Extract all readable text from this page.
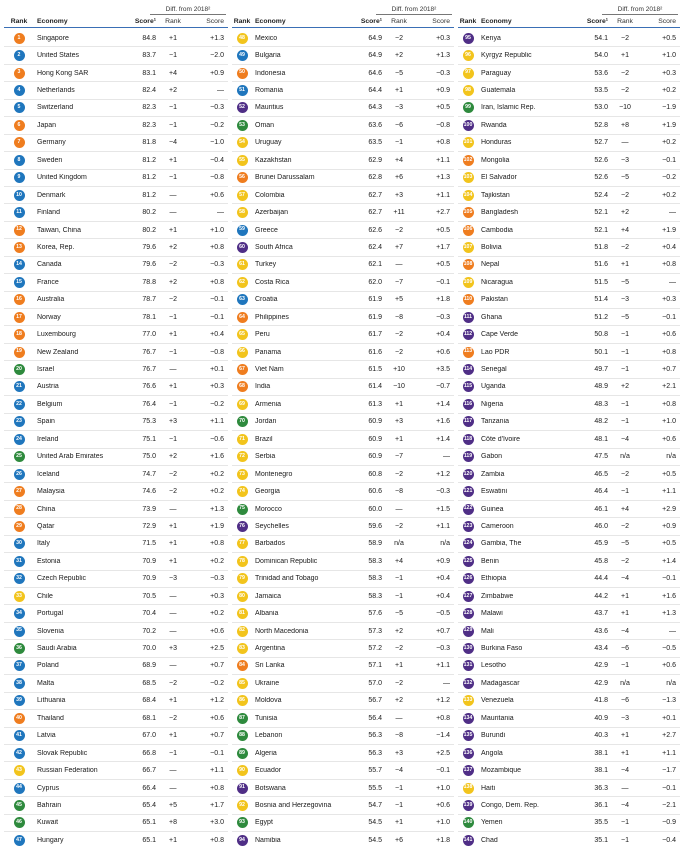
Diff. from 2018²
Rank	Economy	Score¹	Rank	Score
1	Singapore	84.8	+1	+1.3
2	United States	83.7	−1	−2.0
3	Hong Kong SAR	83.1	+4	+0.9
4	Netherlands	82.4	+2	—
5	Switzerland	82.3	−1	−0.3
6	Japan	82.3	−1	−0.2
7	Germany	81.8	−4	−1.0
8	Sweden	81.2	+1	−0.4
9	United Kingdom	81.2	−1	−0.8
10	Denmark	81.2	—	+0.6
11	Finland	80.2	—	—
12	Taiwan, China	80.2	+1	+1.0
13	Korea, Rep.	79.6	+2	+0.8
14	Canada	79.6	−2	−0.3
15	France	78.8	+2	+0.8
16	Australia	78.7	−2	−0.1
17	Norway	78.1	−1	−0.1
18	Luxembourg	77.0	+1	+0.4
19	New Zealand	76.7	−1	−0.8
20	Israel	76.7	—	+0.1
21	Austria	76.6	+1	+0.3
22	Belgium	76.4	−1	−0.2
23	Spain	75.3	+3	+1.1
24	Ireland	75.1	−1	−0.6
25	United Arab Emirates	75.0	+2	+1.6
26	Iceland	74.7	−2	+0.2
27	Malaysia	74.6	−2	+0.2
28	China	73.9	—	+1.3
29	Qatar	72.9	+1	+1.9
30	Italy	71.5	+1	+0.8
31	Estonia	70.9	+1	+0.2
32	Czech Republic	70.9	−3	−0.3
33	Chile	70.5	—	+0.3
34	Portugal	70.4	—	+0.2
35	Slovenia	70.2	—	+0.6
36	Saudi Arabia	70.0	+3	+2.5
37	Poland	68.9	—	+0.7
38	Malta	68.5	−2	−0.2
39	Lithuania	68.4	+1	+1.2
40	Thailand	68.1	−2	+0.6
41	Latvia	67.0	+1	+0.7
42	Slovak Republic	66.8	−1	−0.1
43	Russian Federation	66.7	—	+1.1
44	Cyprus	66.4	—	+0.8
45	Bahrain	65.4	+5	+1.7
46	Kuwait	65.1	+8	+3.0
47	Hungary	65.1	+1	+0.8
Diff. from 2018²
Rank Economy	Score¹	Rank	Score
48	Mexico	64.9	−2	+0.3
49	Bulgaria	64.9	+2	+1.3
50	Indonesia	64.6	−5	−0.3
51	Romania	64.4	+1	+0.9
52	Mauritius	64.3	−3	+0.5
53	Oman	63.6	−6	−0.8
54	Uruguay	63.5	−1	+0.8
55	Kazakhstan	62.9	+4	+1.1
56	Brunei Darussalam	62.8	+6	+1.3
57	Colombia	62.7	+3	+1.1
58	Azerbaijan	62.7	+11	+2.7
59	Greece	62.6	−2	+0.5
60	South Africa	62.4	+7	+1.7
61	Turkey	62.1	—	+0.5
62	Costa Rica	62.0	−7	−0.1
63	Croatia	61.9	+5	+1.8
64	Philippines	61.9	−8	−0.3
65	Peru	61.7	−2	+0.4
66	Panama	61.6	−2	+0.6
67	Viet Nam	61.5	+10	+3.5
68	India	61.4	−10	−0.7
69	Armenia	61.3	+1	+1.4
70	Jordan	60.9	+3	+1.6
71	Brazil	60.9	+1	+1.4
72	Serbia	60.9	−7	—
73	Montenegro	60.8	−2	+1.2
74	Georgia	60.6	−8	−0.3
75	Morocco	60.0	—	+1.5
76	Seychelles	59.6	−2	+1.1
77	Barbados	58.9	n/a	n/a
78	Dominican Republic	58.3	+4	+0.9
79	Trinidad and Tobago	58.3	−1	+0.4
80	Jamaica	58.3	−1	+0.4
81	Albania	57.6	−5	−0.5
82	North Macedonia	57.3	+2	+0.7
83	Argentina	57.2	−2	−0.3
84	Sri Lanka	57.1	+1	+1.1
85	Ukraine	57.0	−2	—
86	Moldova	56.7	+2	+1.2
87	Tunisia	56.4	—	+0.8
88	Lebanon	56.3	−8	−1.4
89	Algeria	56.3	+3	+2.5
90	Ecuador	55.7	−4	−0.1
91	Botswana	55.5	−1	+1.0
92	Bosnia and Herzegovina	54.7	−1	+0.6
93	Egypt	54.5	+1	+1.0
94	Namibia	54.5	+6	+1.8
Diff. from 2018²
Rank Economy	Score¹	Rank	Score
95	Kenya	54.1	−2	+0.5
96	Kyrgyz Republic	54.0	+1	+1.0
97	Paraguay	53.6	−2	+0.3
98	Guatemala	53.5	−2	+0.2
99	Iran, Islamic Rep.	53.0	−10	−1.9
100	Rwanda	52.8	+8	+1.9
101	Honduras	52.7	—	+0.2
102	Mongolia	52.6	−3	−0.1
103	El Salvador	52.6	−5	−0.2
104	Tajikistan	52.4	−2	+0.2
105	Bangladesh	52.1	+2	—
106	Cambodia	52.1	+4	+1.9
107	Bolivia	51.8	−2	+0.4
108	Nepal	51.6	+1	+0.8
109	Nicaragua	51.5	−5	—
110	Pakistan	51.4	−3	+0.3
111	Ghana	51.2	−5	−0.1
112	Cape Verde	50.8	−1	+0.6
113	Lao PDR	50.1	−1	+0.8
114	Senegal	49.7	−1	+0.7
115	Uganda	48.9	+2	+2.1
116	Nigeria	48.3	−1	+0.8
117	Tanzania	48.2	−1	+1.0
118	Côte d'Ivoire	48.1	−4	+0.6
119	Gabon	47.5	n/a	n/a
120	Zambia	46.5	−2	+0.5
121	Eswatini	46.4	−1	+1.1
122	Guinea	46.1	+4	+2.9
123	Cameroon	46.0	−2	+0.9
124	Gambia, The	45.9	−5	+0.5
125	Benin	45.8	−2	+1.4
126	Ethiopia	44.4	−4	−0.1
127	Zimbabwe	44.2	+1	+1.6
128	Malawi	43.7	+1	+1.3
129	Mali	43.6	−4	—
130	Burkina Faso	43.4	−6	−0.5
131	Lesotho	42.9	−1	+0.6
132	Madagascar	42.9	n/a	n/a
133	Venezuela	41.8	−6	−1.3
134	Mauritania	40.9	−3	+0.1
135	Burundi	40.3	+1	+2.7
136	Angola	38.1	+1	+1.1
137	Mozambique	38.1	−4	−1.7
138	Haiti	36.3	—	−0.1
139	Congo, Dem. Rep.	36.1	−4	−2.1
140	Yemen	35.5	−1	−0.9
141	Chad	35.1	−1	−0.4
